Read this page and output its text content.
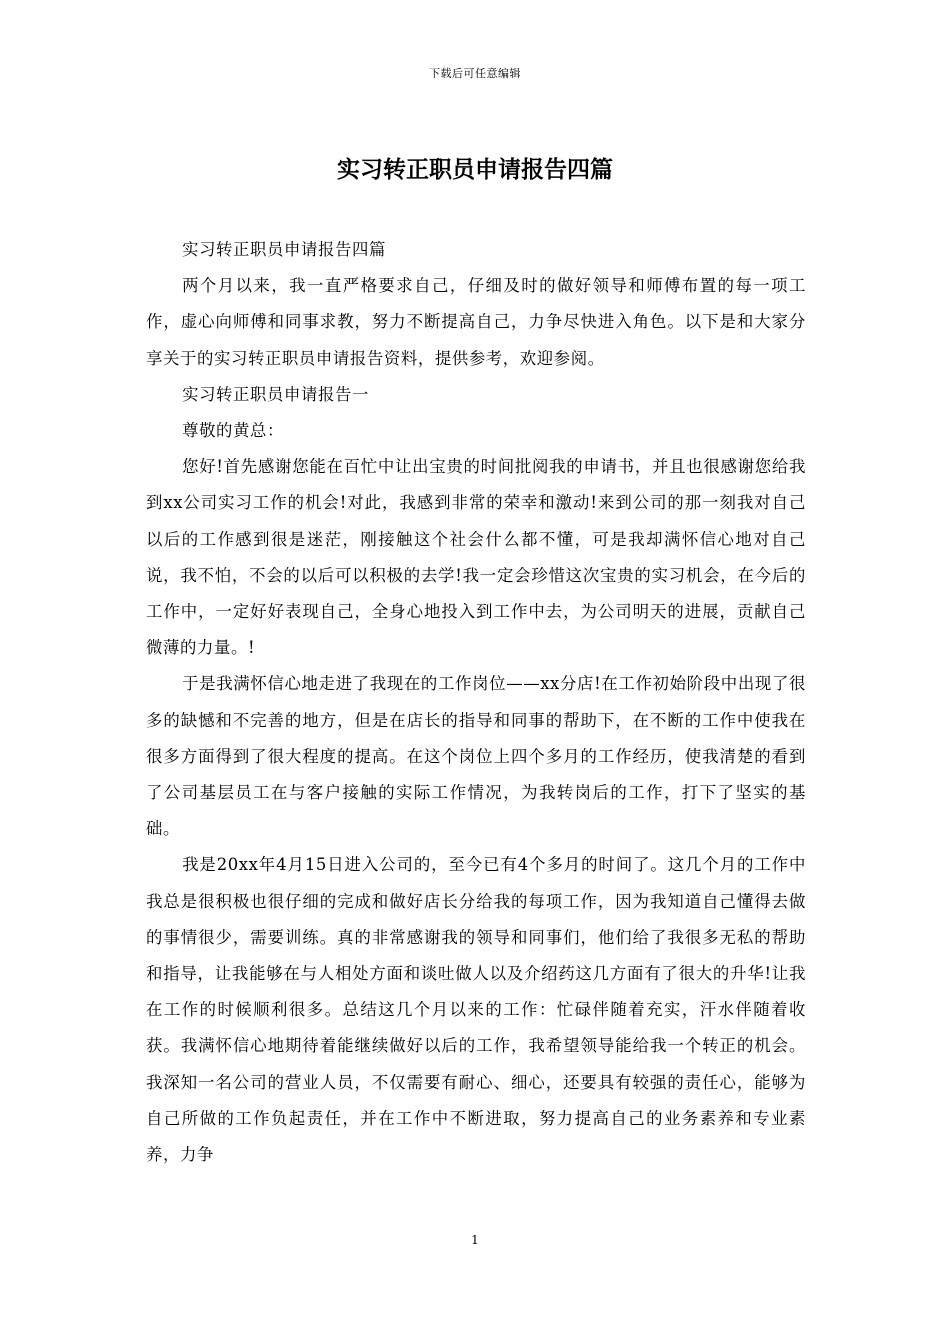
下载后可任意编辑
实习转正职员申请报告四篇

实习转正职员申请报告四篇

两个月以来，我一直严格要求自己，仔细及时的做好领导和师傅布置的每一项工作，虚心向师傅和同事求教，努力不断提高自己，力争尽快进入角色。以下是和大家分享关于的实习转正职员申请报告资料，提供参考，欢迎参阅。

实习转正职员申请报告一

尊敬的黄总：

您好!首先感谢您能在百忙中让出宝贵的时间批阅我的申请书，并且也很感谢您给我到xx公司实习工作的机会!对此，我感到非常的荣幸和激动!来到公司的那一刻我对自己以后的工作感到很是迷茫，刚接触这个社会什么都不懂，可是我却满怀信心地对自己说，我不怕，不会的以后可以积极的去学!我一定会珍惜这次宝贵的实习机会，在今后的工作中，一定好好表现自己，全身心地投入到工作中去，为公司明天的进展，贡献自己微薄的力量。!

于是我满怀信心地走进了我现在的工作岗位——xx分店!在工作初始阶段中出现了很多的缺憾和不完善的地方，但是在店长的指导和同事的帮助下，在不断的工作中使我在很多方面得到了很大程度的提高。在这个岗位上四个多月的工作经历，使我清楚的看到了公司基层员工在与客户接触的实际工作情况，为我转岗后的工作，打下了坚实的基础。

我是20xx年4月15日进入公司的，至今已有4个多月的时间了。这几个月的工作中我总是很积极也很仔细的完成和做好店长分给我的每项工作，因为我知道自己懂得去做的事情很少，需要训练。真的非常感谢我的领导和同事们，他们给了我很多无私的帮助和指导，让我能够在与人相处方面和谈吐做人以及介绍药这几方面有了很大的升华!让我在工作的时候顺利很多。总结这几个月以来的工作：忙碌伴随着充实，汗水伴随着收获。我满怀信心地期待着能继续做好以后的工作，我希望领导能给我一个转正的机会。我深知一名公司的营业人员，不仅需要有耐心、细心，还要具有较强的责任心，能够为自己所做的工作负起责任，并在工作中不断进取，努力提高自己的业务素养和专业素养，力争

1
